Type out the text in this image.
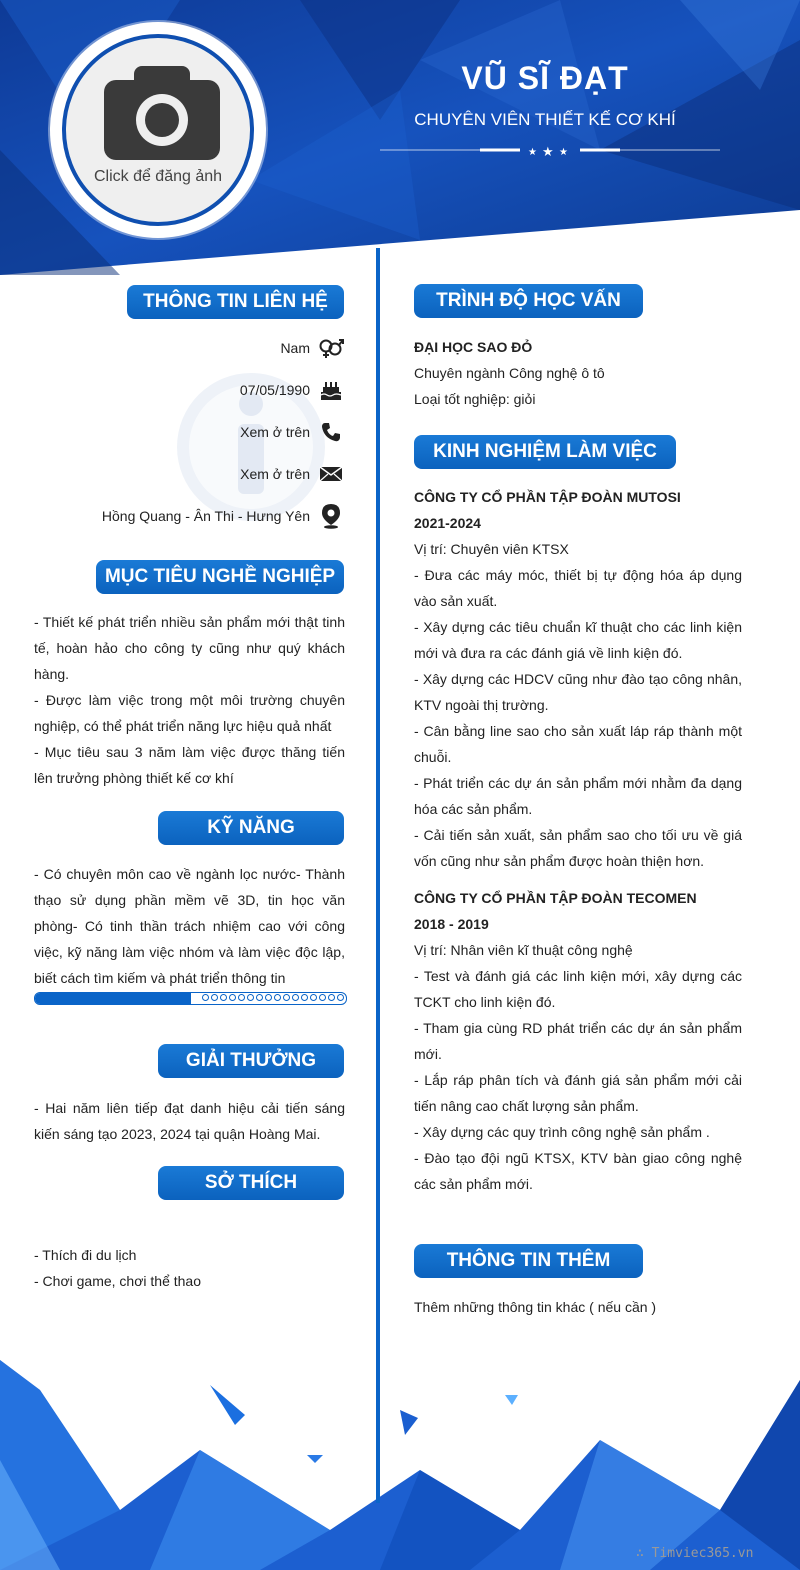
Click để đăng ảnh
VŨ SĨ ĐẠT
CHUYÊN VIÊN THIẾT KẾ CƠ KHÍ
★ ★ ★
THÔNG TIN LIÊN HỆ
Nam
07/05/1990
Xem ở trên
Xem ở trên
Hồng Quang - Ân Thi - Hưng Yên
MỤC TIÊU NGHỀ NGHIỆP
- Thiết kế phát triển nhiều sản phẩm mới thật tinh tế, hoàn hảo cho công ty cũng như quý khách hàng.
- Được làm việc trong một môi trường chuyên nghiệp, có thể phát triển năng lực hiệu quả nhất
- Mục tiêu sau 3 năm làm việc được thăng tiến lên trưởng phòng thiết kế cơ khí
KỸ NĂNG
- Có chuyên môn cao về ngành lọc nước- Thành thạo sử dụng phần mềm vẽ 3D, tin học văn phòng- Có tinh thần trách nhiệm cao với công việc, kỹ năng làm việc nhóm và làm việc độc lập, biết cách tìm kiếm và phát triển thông tin
GIẢI THƯỞNG
- Hai năm liên tiếp đạt danh hiệu cải tiến sáng kiến sáng tạo 2023, 2024 tại quận Hoàng Mai.
SỞ THÍCH
- Thích đi du lịch
- Chơi game, chơi thể thao
TRÌNH ĐỘ HỌC VẤN
ĐẠI HỌC SAO ĐỎ
Chuyên ngành Công nghệ ô tô
Loại tốt nghiệp: giỏi
KINH NGHIỆM LÀM VIỆC
CÔNG TY CỔ PHẦN TẬP ĐOÀN MUTOSI
2021-2024
Vị trí: Chuyên viên KTSX
- Đưa các máy móc, thiết bị tự động hóa áp dụng vào sản xuất.
- Xây dựng các tiêu chuẩn kĩ thuật cho các linh kiện mới và đưa ra các đánh giá về linh kiện đó.
- Xây dựng các HDCV cũng như đào tạo công nhân, KTV ngoài thị trường.
- Cân bằng line sao cho sản xuất láp ráp thành một chuỗi.
- Phát triển các dự án sản phẩm mới nhằm đa dạng hóa các sản phẩm.
- Cải tiến sản xuất, sản phẩm sao cho tối ưu về giá vốn cũng như sản phẩm được hoàn thiện hơn.
CÔNG TY CỔ PHẦN TẬP ĐOÀN TECOMEN
2018 - 2019
Vị trí: Nhân viên kĩ thuật công nghệ
- Test và đánh giá các linh kiện mới, xây dựng các TCKT cho linh kiện đó.
- Tham gia cùng RD phát triển các dự án sản phẩm mới.
- Lắp ráp phân tích và đánh giá sản phẩm mới cải tiến nâng cao chất lượng sản phẩm.
- Xây dựng các quy trình công nghệ sản phẩm .
- Đào tạo đội ngũ KTSX, KTV bàn giao công nghệ các sản phẩm mới.
THÔNG TIN THÊM
Thêm những thông tin khác ( nếu cần )
∴ Timviec365.vn
